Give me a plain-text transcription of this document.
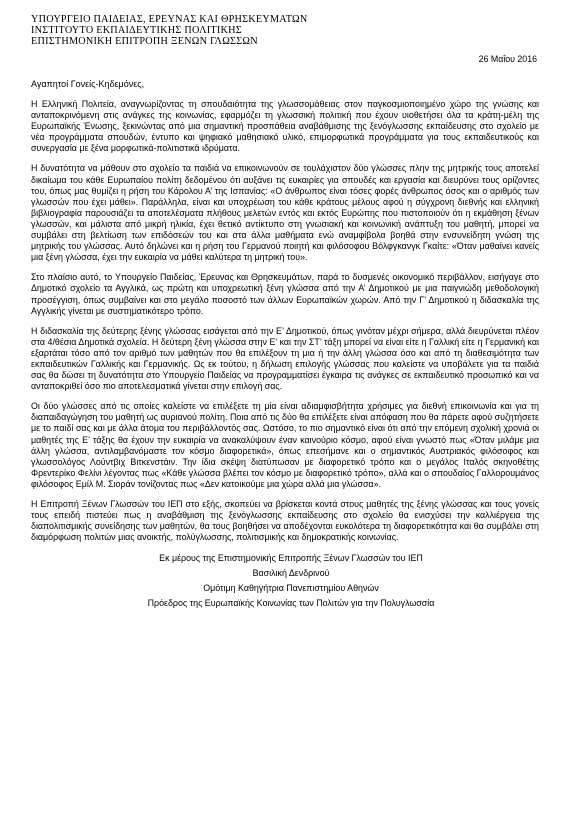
ΥΠΟΥΡΓΕΙΟ ΠΑΙΔΕΙΑΣ, ΕΡΕΥΝΑΣ ΚΑΙ ΘΡΗΣΚΕΥΜΑΤΩΝ
ΙΝΣΤΙΤΟΥΤΟ ΕΚΠΑΙΔΕΥΤΙΚΗΣ ΠΟΛΙΤΙΚΗΣ
ΕΠΙΣΤΗΜΟΝΙΚΗ ΕΠΙΤΡΟΠΗ ΞΕΝΩΝ ΓΛΩΣΣΩΝ
26 Μαΐου 2016
Αγαπητοί Γονείς-Κηδεμόνες,

Η Ελληνική Πολιτεία, αναγνωρίζοντας τη σπουδαιότητα της γλωσσομάθειας στον παγκοσμιοποιημένο χώρο της γνώσης και ανταποκρινόμενη στις ανάγκες της κοινωνίας, εφαρμόζει τη γλωσσική πολιτική που έχουν υιοθετήσει όλα τα κράτη-μέλη της Ευρωπαϊκής Ένωσης, ξεκινώντας από μια σημαντική προσπάθεια αναβάθμισης της ξενόγλωσσης εκπαίδευσης στο σχολείο με νέα προγράμματα σπουδών, έντυπο και ψηφιακό μαθησιακό υλικό, επιμορφωτικά προγράμματα για τους εκπαιδευτικούς και συνεργασία με ξένα μορφωτικά-πολιτιστικά ιδρύματα.

Η δυνατότητα να μάθουν στο σχολείο τα παιδιά να επικοινωνούν σε τουλάχιστον δύο γλώσσες πλην της μητρικής τους αποτελεί δικαίωμα του κάθε Ευρωπαίου πολίτη δεδομένου ότι αυξάνει τις ευκαιρίες για σπουδές και εργασία και διευρύνει τους ορίζοντες του, όπως μας θυμίζει η ρήση του Κάρολου Α’ της Ισπανίας: «Ο άνθρωπος είναι τόσες φορές άνθρωπος όσος και ο αριθμός των γλωσσών που έχει μάθει». Παράλληλα, είναι και υποχρέωση του κάθε κράτους μέλους αφού η σύγχρονη διεθνής και ελληνική βιβλιογραφία παρουσιάζει τα αποτελέσματα πλήθους μελετών εντός και εκτός Ευρώπης που πιστοποιούν ότι η εκμάθηση ξένων γλωσσών, και μάλιστα από μικρή ηλικία, έχει θετικό αντίκτυπο στη γνωσιακή και κοινωνική ανάπτυξη του μαθητή, μπορεί να συμβάλει στη βελτίωση των επιδόσεών του και στα άλλα μαθήματα ενώ αναμφίβολα βοηθά στην ενσυνείδητη γνώση της μητρικής του γλώσσας. Αυτό δηλώνει και η ρήση του Γερμανού ποιητή και φιλόσοφου Βόλφγκανγκ Γκαίτε: «Όταν μαθαίνει κανείς μια ξένη γλώσσα, έχει την ευκαιρία να μάθει καλύτερα τη μητρική του».

Στο πλαίσιο αυτό, το Υπουργείο Παιδείας, Έρευνας και Θρησκευμάτων, παρά το δυσμενές οικονομικό περιβάλλον, εισήγαγε στο Δημοτικό σχολείο τα Αγγλικά, ως πρώτη και υποχρεωτική ξένη γλώσσα από την Α’ Δημοτικού με μια παιγνιώδη μεθοδολογική προσέγγιση, όπως συμβαίνει και στο μεγάλο ποσοστό των άλλων Ευρωπαϊκών χωρών. Από την Γ’ Δημοτικού η διδασκαλία της Αγγλικής γίνεται με συστηματικότερο τρόπο.

Η διδασκαλία της δεύτερης ξένης γλώσσας εισάγεται από την Ε’ Δημοτικού, όπως γινόταν μέχρι σήμερα, αλλά διευρύνεται πλέον στα 4/θέσια Δημοτικά σχολεία. Η δεύτερη ξένη γλώσσα στην Ε’ και την ΣΤ’ τάξη μπορεί να είναι είτε η Γαλλική είτε η Γερμανική και εξαρτάται τόσο από τον αριθμό των μαθητών που θα επιλέξουν τη μια ή την άλλη γλώσσα όσο και από τη διαθεσιμότητα των εκπαιδευτικών Γαλλικής και Γερμανικής. Ως εκ τούτου, η δήλωση επιλογής γλώσσας που καλείστε να υποβάλετε για τα παιδιά σας θα δώσει τη δυνατότητα στο Υπουργείο Παιδείας να προγραμματίσει έγκαιρα τις ανάγκες σε εκπαιδευτικό προσωπικό και να ανταποκριθεί όσο πιο αποτελεσματικά γίνεται στην επιλογή σας.

Οι δύο γλώσσες από τις οποίες καλείστε να επιλέξετε τη μία είναι αδιαμφισβήτητα χρήσιμες για διεθνή επικοινωνία και για τη διαπαιδαγώγηση του μαθητή ως αυριανού πολίτη. Ποια από τις δύο θα επιλέξετε είναι απόφαση που θα πάρετε αφού συζητήσετε με το παιδί σας και με άλλα άτομα του περιβάλλοντός σας. Ωστόσο, το πιο σημαντικό είναι ότι από την επόμενη σχολική χρονιά οι μαθητές της Ε’ τάξης θα έχουν την ευκαιρία να ανακαλύψουν έναν καινούριο κόσμο, αφού είναι γνωστό πως «Όταν μιλάμε μια άλλη γλώσσα, αντιλαμβανόμαστε τον κόσμο διαφορετικά», όπως επεσήμανε και ο σημαντικός Αυστριακός φιλόσοφος και γλωσσολόγος Λούντβιχ Βιτκενστάιν. Την ίδια σκέψη διατύπωσαν με διαφορετικό τρόπο και ο μεγάλος Ιταλός σκηνοθέτης Φρεντερίκο Φελίνι λέγοντας πως «Κάθε γλώσσα βλέπει τον κόσμο με διαφορετικό τρόπο», αλλά και ο σπουδαίος Γαλλορουμάνος φιλόσοφος Εμίλ Μ. Σιοράν τονίζοντας πως «Δεν κατοικούμε μια χώρα αλλά μια γλώσσα».

Η Επιτροπή Ξένων Γλωσσών του ΙΕΠ στο εξής, σκοπεύει να βρίσκεται κοντά στους μαθητές της ξένης γλώσσας και τους γονείς τους επειδή πιστεύει πως η αναβάθμιση της ξενόγλωσσης εκπαίδευσης στο σχολείο θα ενισχύσει την καλλιέργεια της διαπολιτισμικής συνείδησης των μαθητών, θα τους βοηθήσει να αποδέχονται ευκολότερα τη διαφορετικότητα και θα συμβάλει στη διαμόρφωση πολιτών μιας ανοικτής, πολύγλωσσης, πολιτισμικής και δημοκρατικής κοινωνίας.

Εκ μέρους της Επιστημονικής Επιτροπής Ξένων Γλωσσών του ΙΕΠ
Βασιλική Δενδρινού
Ομότιμη Καθηγήτρια Πανεπιστημίου Αθηνών
Πρόεδρος της Ευρωπαϊκής Κοινωνίας των Πολιτών για την Πολυγλωσσία
